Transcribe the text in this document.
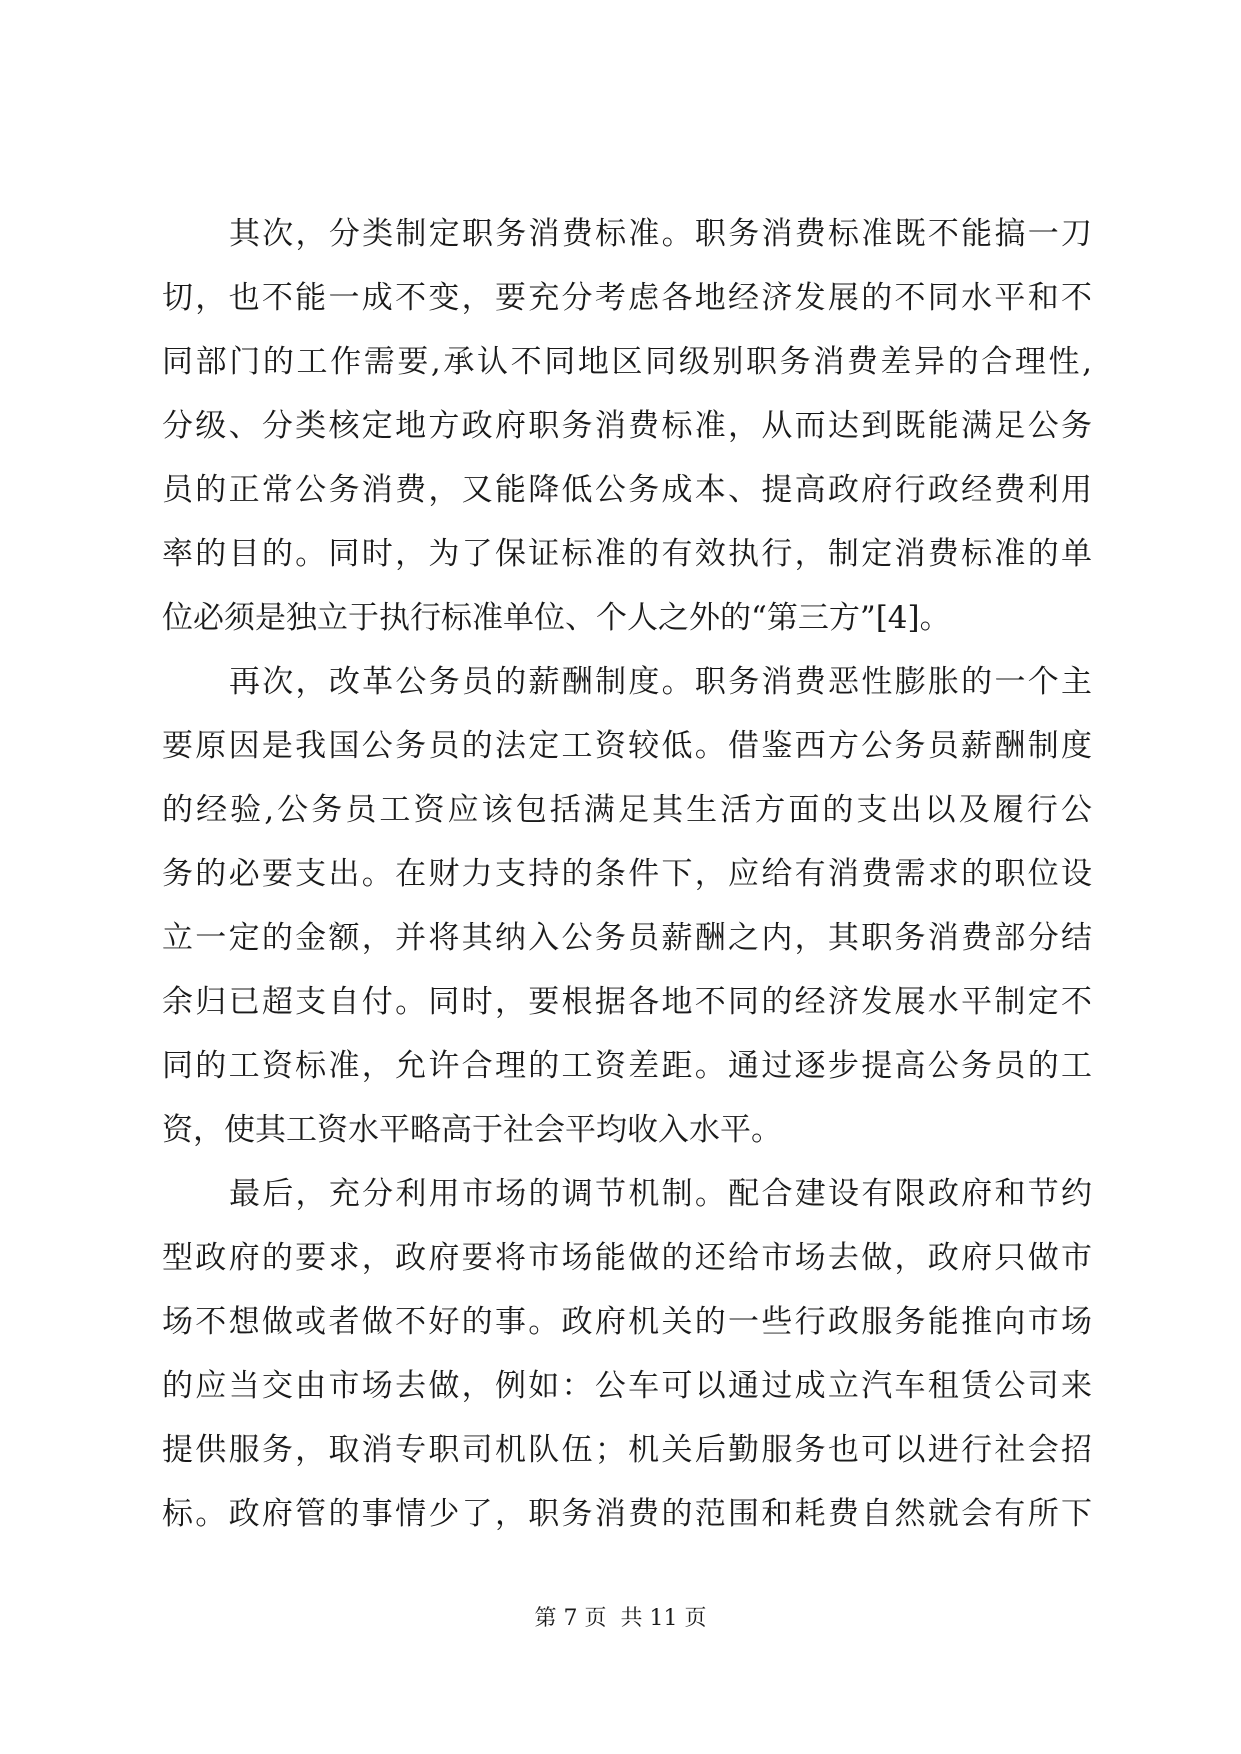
其次，分类制定职务消费标准。职务消费标准既不能搞一刀
切，也不能一成不变，要充分考虑各地经济发展的不同水平和不
同部门的工作需要,承认不同地区同级别职务消费差异的合理性,
分级、分类核定地方政府职务消费标准，从而达到既能满足公务
员的正常公务消费，又能降低公务成本、提高政府行政经费利用
率的目的。同时，为了保证标准的有效执行，制定消费标准的单
位必须是独立于执行标准单位、个人之外的“第三方”[4]。
再次，改革公务员的薪酬制度。职务消费恶性膨胀的一个主
要原因是我国公务员的法定工资较低。借鉴西方公务员薪酬制度
的经验,公务员工资应该包括满足其生活方面的支出以及履行公
务的必要支出。在财力支持的条件下，应给有消费需求的职位设
立一定的金额，并将其纳入公务员薪酬之内，其职务消费部分结
余归已超支自付。同时，要根据各地不同的经济发展水平制定不
同的工资标准，允许合理的工资差距。通过逐步提高公务员的工
资，使其工资水平略高于社会平均收入水平。
最后，充分利用市场的调节机制。配合建设有限政府和节约
型政府的要求，政府要将市场能做的还给市场去做，政府只做市
场不想做或者做不好的事。政府机关的一些行政服务能推向市场
的应当交由市场去做，例如：公车可以通过成立汽车租赁公司来
提供服务，取消专职司机队伍；机关后勤服务也可以进行社会招
标。政府管的事情少了，职务消费的范围和耗费自然就会有所下
第 7 页 共 11 页
